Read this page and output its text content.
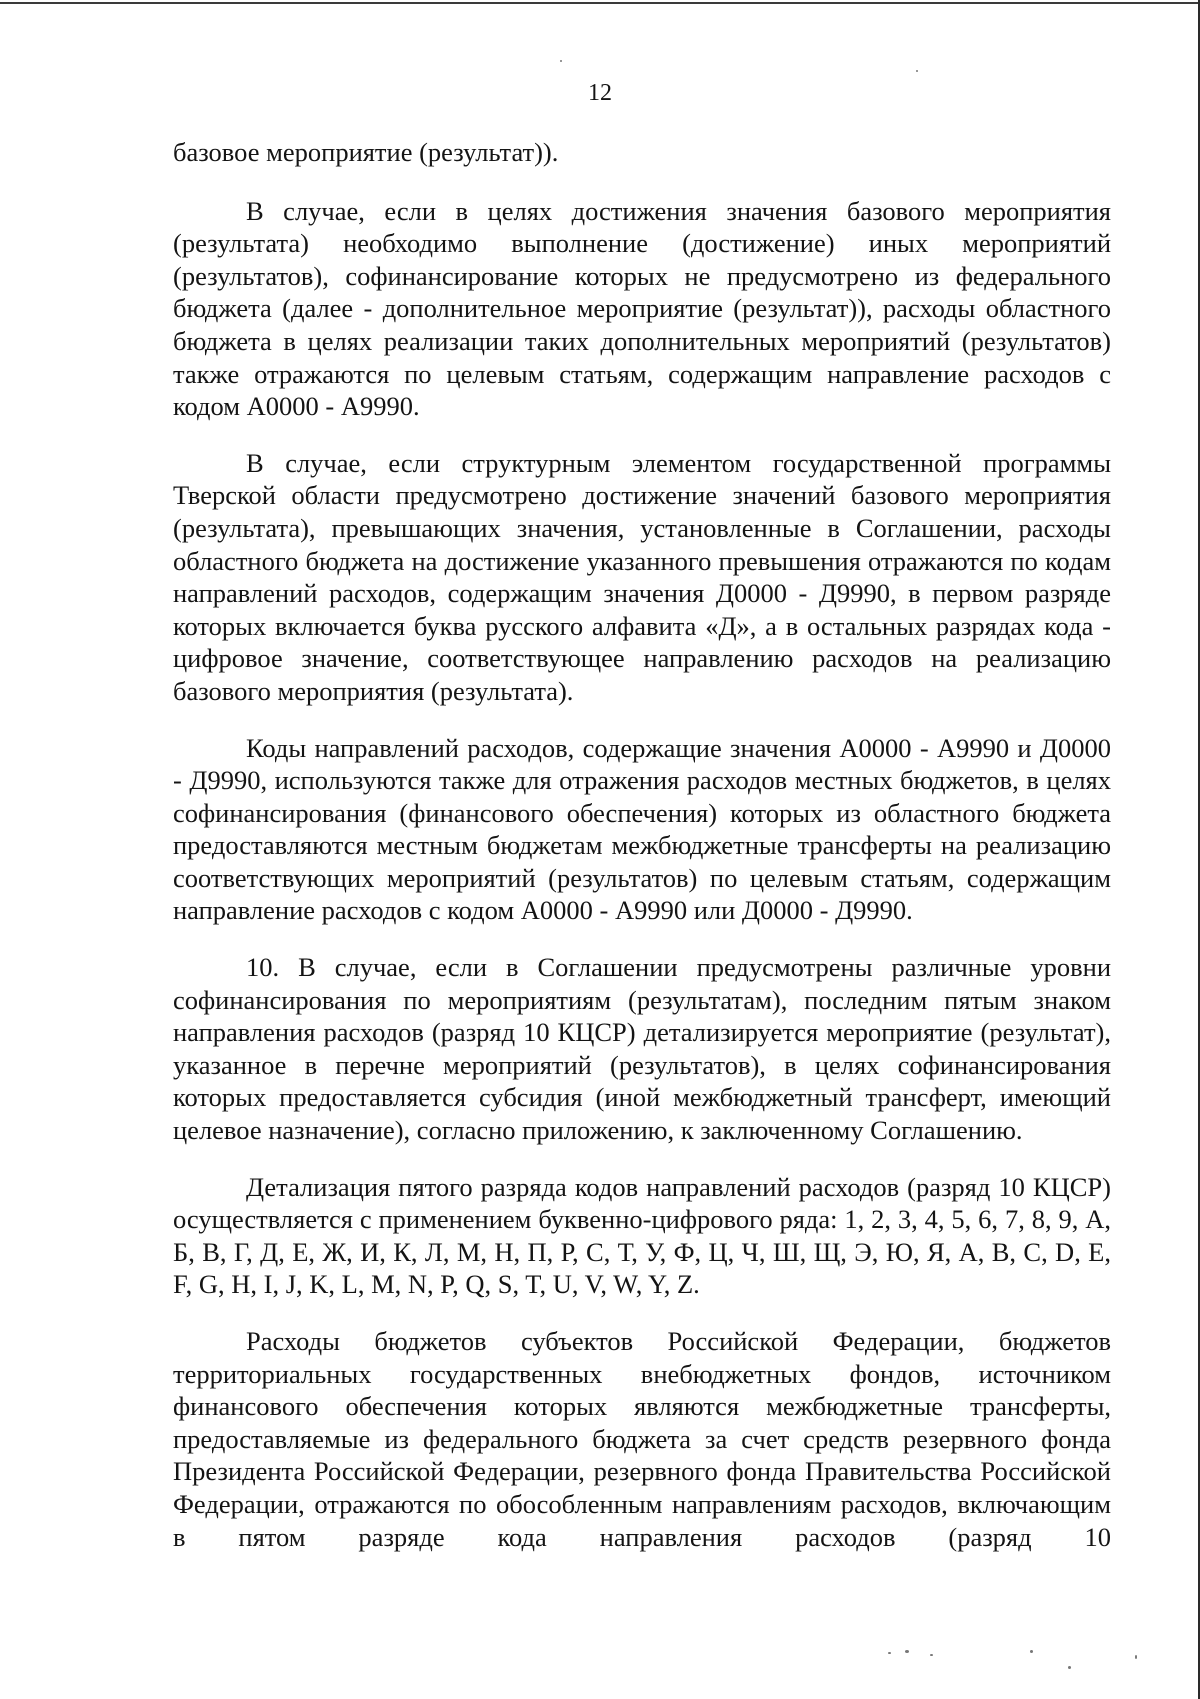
12

базовое мероприятие (результат)).

В случае, если в целях достижения значения базового мероприятия (результата) необходимо выполнение (достижение) иных мероприятий (результатов), софинансирование которых не предусмотрено из федерального бюджета (далее - дополнительное мероприятие (результат)), расходы областного бюджета в целях реализации таких дополнительных мероприятий (результатов) также отражаются по целевым статьям, содержащим направление расходов с кодом А0000 - А9990.

В случае, если структурным элементом государственной программы Тверской области предусмотрено достижение значений базового мероприятия (результата), превышающих значения, установленные в Соглашении, расходы областного бюджета на достижение указанного превышения отражаются по кодам направлений расходов, содержащим значения Д0000 - Д9990, в первом разряде которых включается буква русского алфавита «Д», а в остальных разрядах кода - цифровое значение, соответствующее направлению расходов на реализацию базового мероприятия (результата).

Коды направлений расходов, содержащие значения А0000 - А9990 и Д0000 - Д9990, используются также для отражения расходов местных бюджетов, в целях софинансирования (финансового обеспечения) которых из областного бюджета предоставляются местным бюджетам межбюджетные трансферты на реализацию соответствующих мероприятий (результатов) по целевым статьям, содержащим направление расходов с кодом А0000 - А9990 или Д0000 - Д9990.

10. В случае, если в Соглашении предусмотрены различные уровни софинансирования по мероприятиям (результатам), последним пятым знаком направления расходов (разряд 10 КЦСР) детализируется мероприятие (результат), указанное в перечне мероприятий (результатов), в целях софинансирования которых предоставляется субсидия (иной межбюджетный трансферт, имеющий целевое назначение), согласно приложению, к заключенному Соглашению.

Детализация пятого разряда кодов направлений расходов (разряд 10 КЦСР) осуществляется с применением буквенно-цифрового ряда: 1, 2, 3, 4, 5, 6, 7, 8, 9, А, Б, В, Г, Д, Е, Ж, И, К, Л, М, Н, П, Р, С, Т, У, Ф, Ц, Ч, Ш, Щ, Э, Ю, Я, A, B, C, D, E, F, G, H, I, J, K, L, M, N, P, Q, S, T, U, V, W, Y, Z.

Расходы бюджетов субъектов Российской Федерации, бюджетов территориальных государственных внебюджетных фондов, источником финансового обеспечения которых являются межбюджетные трансферты, предоставляемые из федерального бюджета за счет средств резервного фонда Президента Российской Федерации, резервного фонда Правительства Российской Федерации, отражаются по обособленным направлениям расходов, включающим в пятом разряде кода направления расходов (разряд 10
